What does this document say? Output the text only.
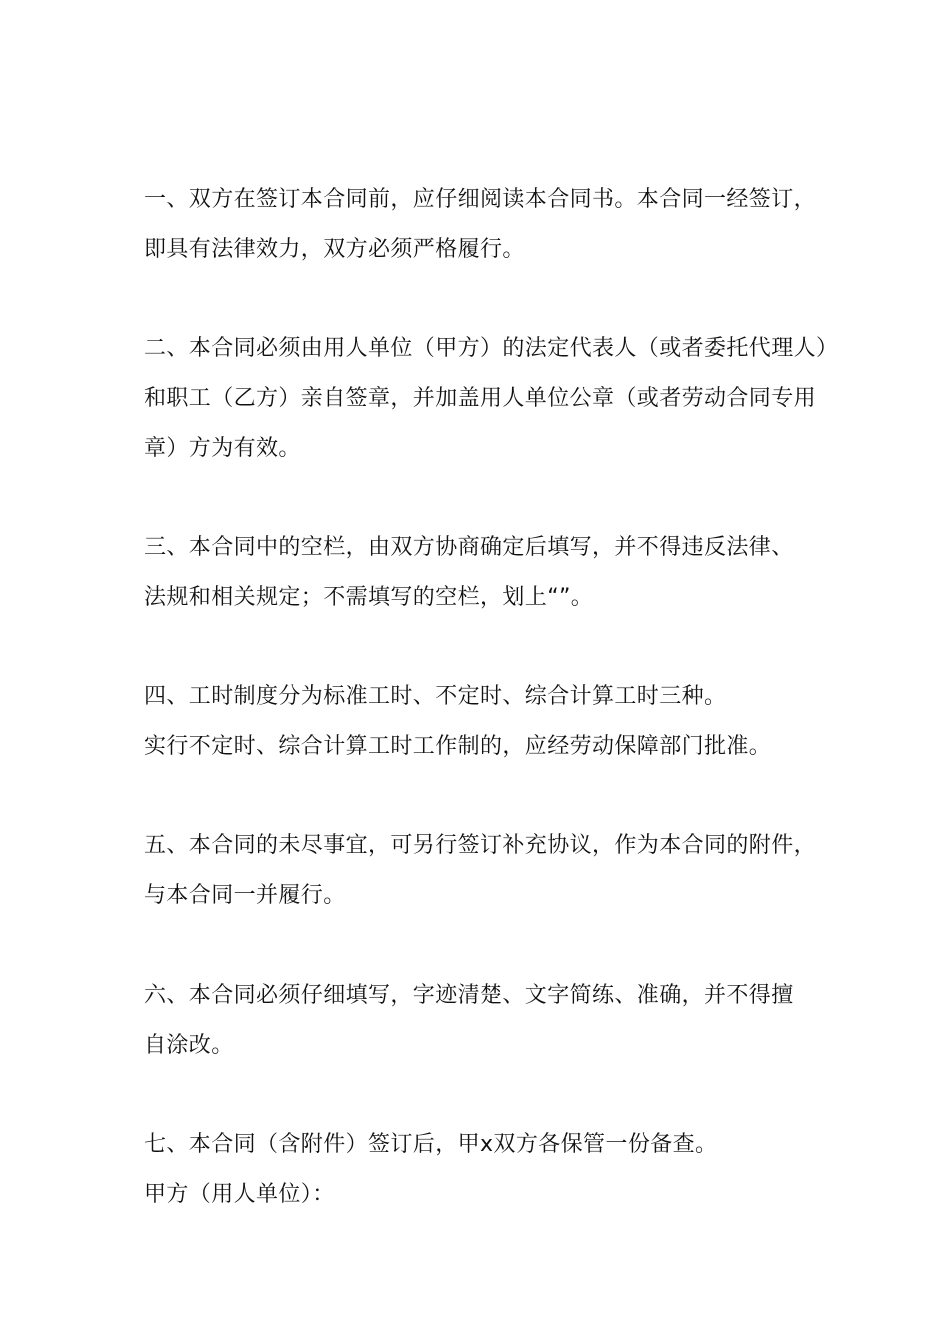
一、双方在签订本合同前，应仔细阅读本合同书。本合同一经签订，
即具有法律效力，双方必须严格履行。
二、本合同必须由用人单位（甲方）的法定代表人（或者委托代理人）
和职工（乙方）亲自签章，并加盖用人单位公章（或者劳动合同专用
章）方为有效。
三、本合同中的空栏，由双方协商确定后填写，并不得违反法律、
法规和相关规定；不需填写的空栏，划上“”。
四、工时制度分为标准工时、不定时、综合计算工时三种。
实行不定时、综合计算工时工作制的，应经劳动保障部门批准。
五、本合同的未尽事宜，可另行签订补充协议，作为本合同的附件，
与本合同一并履行。
六、本合同必须仔细填写，字迹清楚、文字简练、准确，并不得擅
自涂改。
七、本合同（含附件）签订后，甲ⅹ双方各保管一份备查。
甲方（用人单位）：
